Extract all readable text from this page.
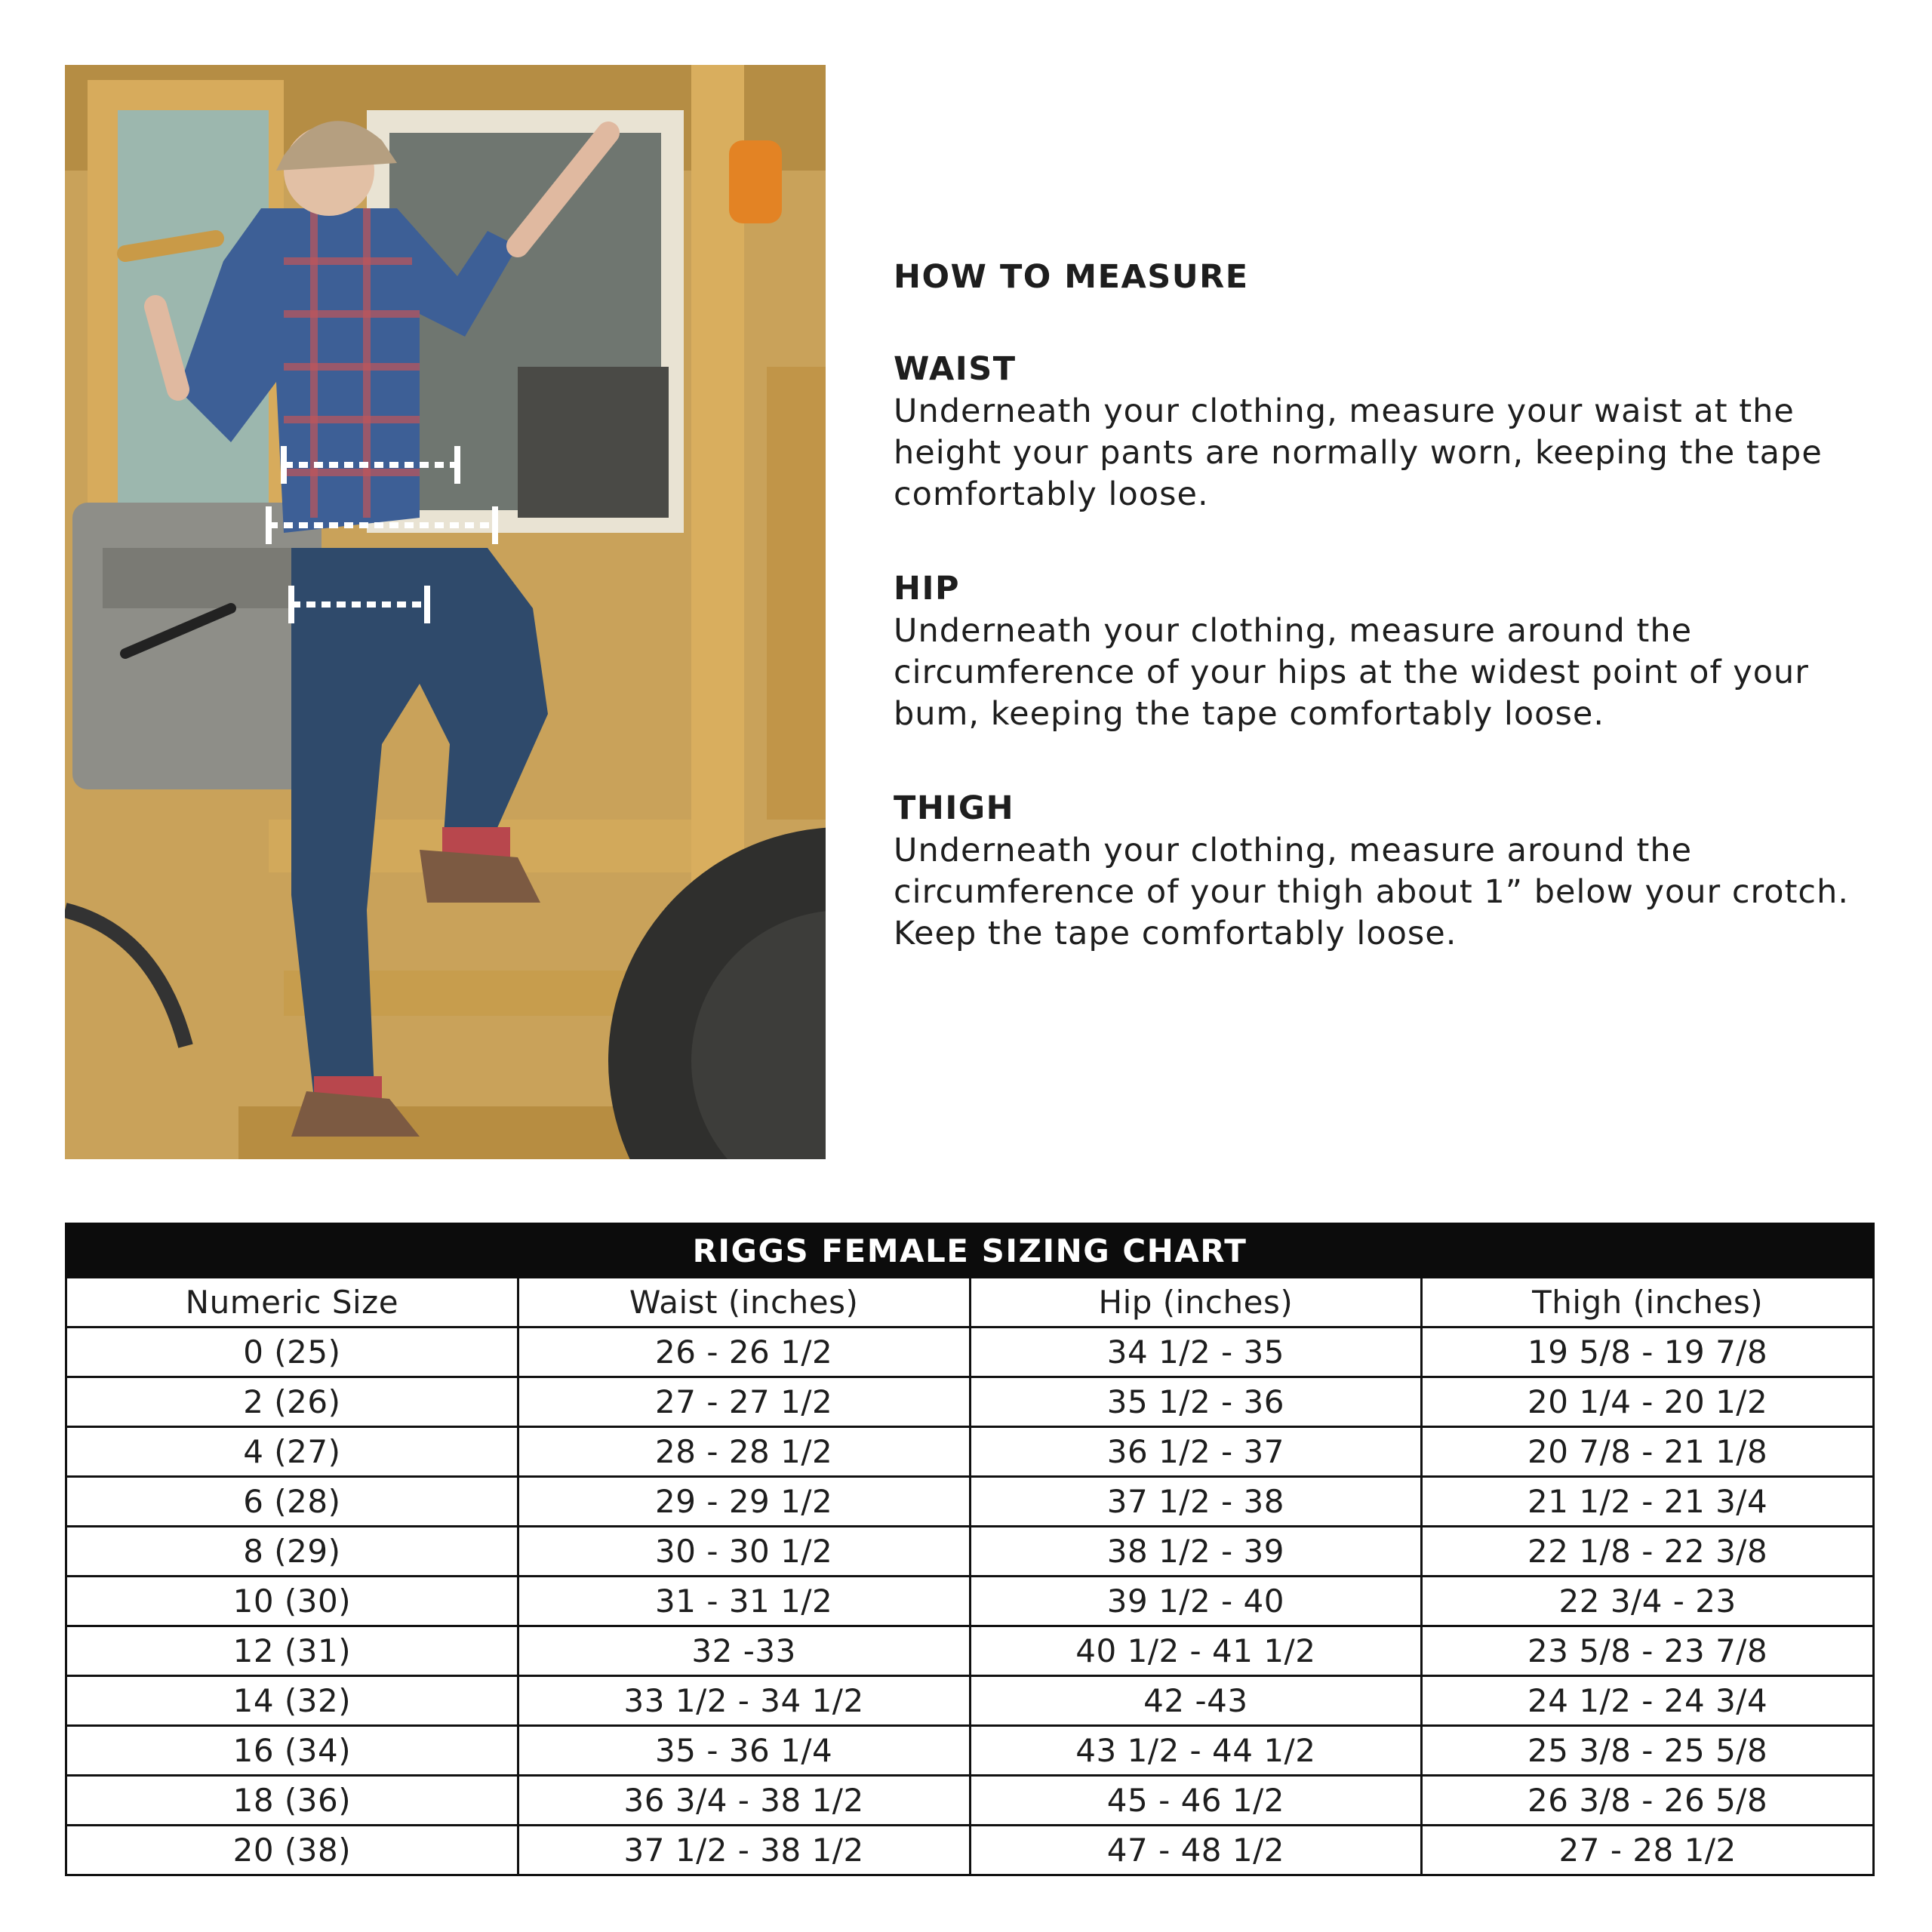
HOW TO MEASURE

WAIST

Underneath your clothing, measure your waist at the height your pants are normally worn, keeping the tape comfortably loose.

HIP

Underneath your clothing, measure around the circumference of your hips at the widest point of your bum, keeping the tape comfortably loose.

THIGH

Underneath your clothing, measure around the circumference of your thigh about 1” below your crotch. Keep the tape comfortably loose.

RIGGS FEMALE SIZING CHART			
Numeric Size	Waist (inches)	Hip (inches)	Thigh (inches)
0 (25)	26 - 26 1/2	34 1/2 - 35	19 5/8 - 19 7/8
2 (26)	27 - 27 1/2	35 1/2 - 36	20 1/4 - 20 1/2
4 (27)	28 - 28 1/2	36 1/2 - 37	20 7/8 - 21 1/8
6 (28)	29 - 29 1/2	37 1/2 - 38	21 1/2 - 21 3/4
8 (29)	30 - 30 1/2	38 1/2 - 39	22 1/8 - 22 3/8
10 (30)	31 - 31 1/2	39 1/2 - 40	22 3/4 - 23
12 (31)	32 -33	40 1/2 - 41 1/2	23 5/8 - 23 7/8
14 (32)	33 1/2 - 34 1/2	42 -43	24 1/2 - 24 3/4
16 (34)	35 - 36 1/4	43 1/2 - 44 1/2	25 3/8 - 25 5/8
18 (36)	36 3/4 - 38 1/2	45 - 46 1/2	26 3/8 - 26 5/8
20 (38)	37 1/2 - 38 1/2	47 - 48 1/2	27 - 28 1/2
